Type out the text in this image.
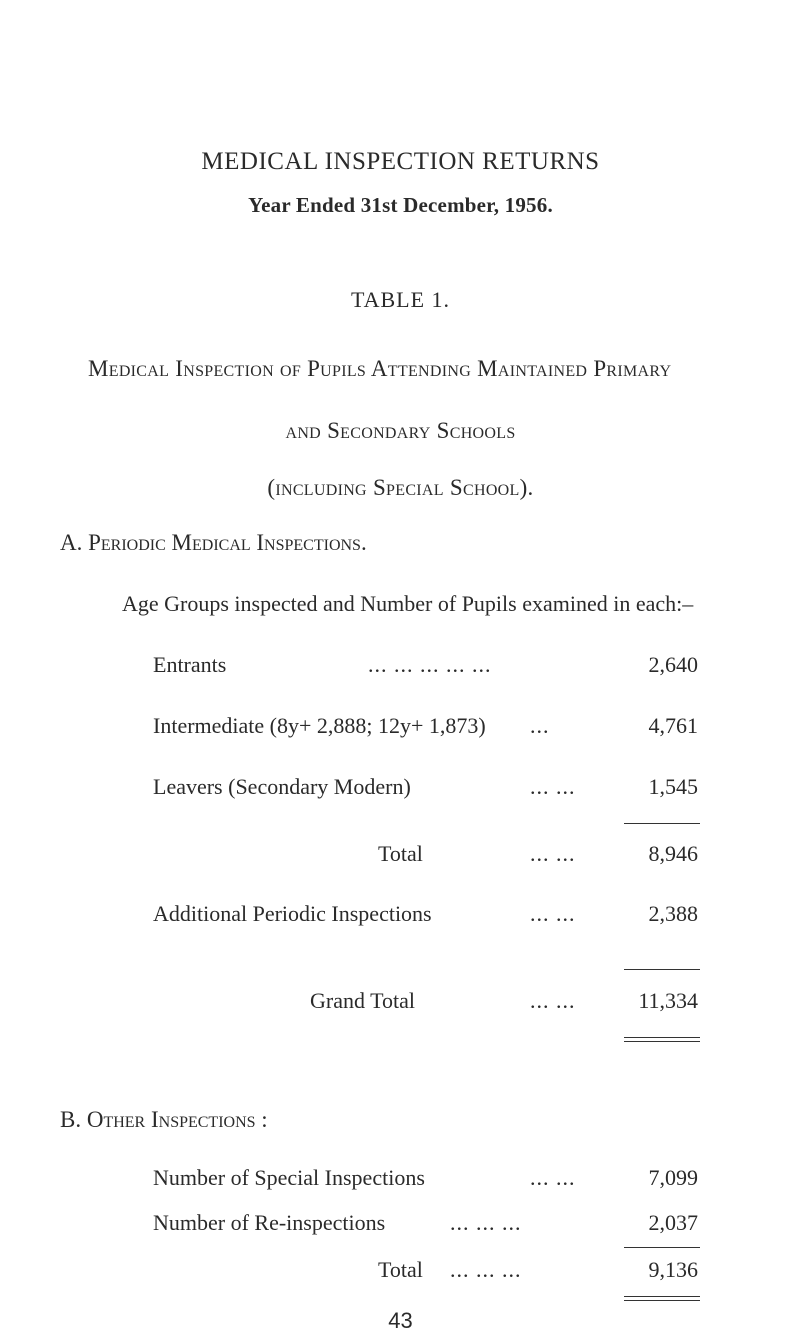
MEDICAL INSPECTION RETURNS
Year Ended 31st December, 1956.
TABLE 1.
Medical Inspection of Pupils Attending Maintained Primary
and Secondary Schools
(including Special School).
A. Periodic Medical Inspections.
Age Groups inspected and Number of Pupils examined in each:–
Entrants	... ... ... ... ...	2,640
Intermediate (8y+ 2,888; 12y+ 1,873) ...	4,761
Leavers (Secondary Modern)	... ...	1,545
Total	... ...	8,946
Additional Periodic Inspections	... ...	2,388
Grand Total	... ...	11,334
B. Other Inspections :
Number of Special Inspections	... ...	7,099
Number of Re-inspections	... ... ...	2,037
Total ... ... ...	9,136
43
